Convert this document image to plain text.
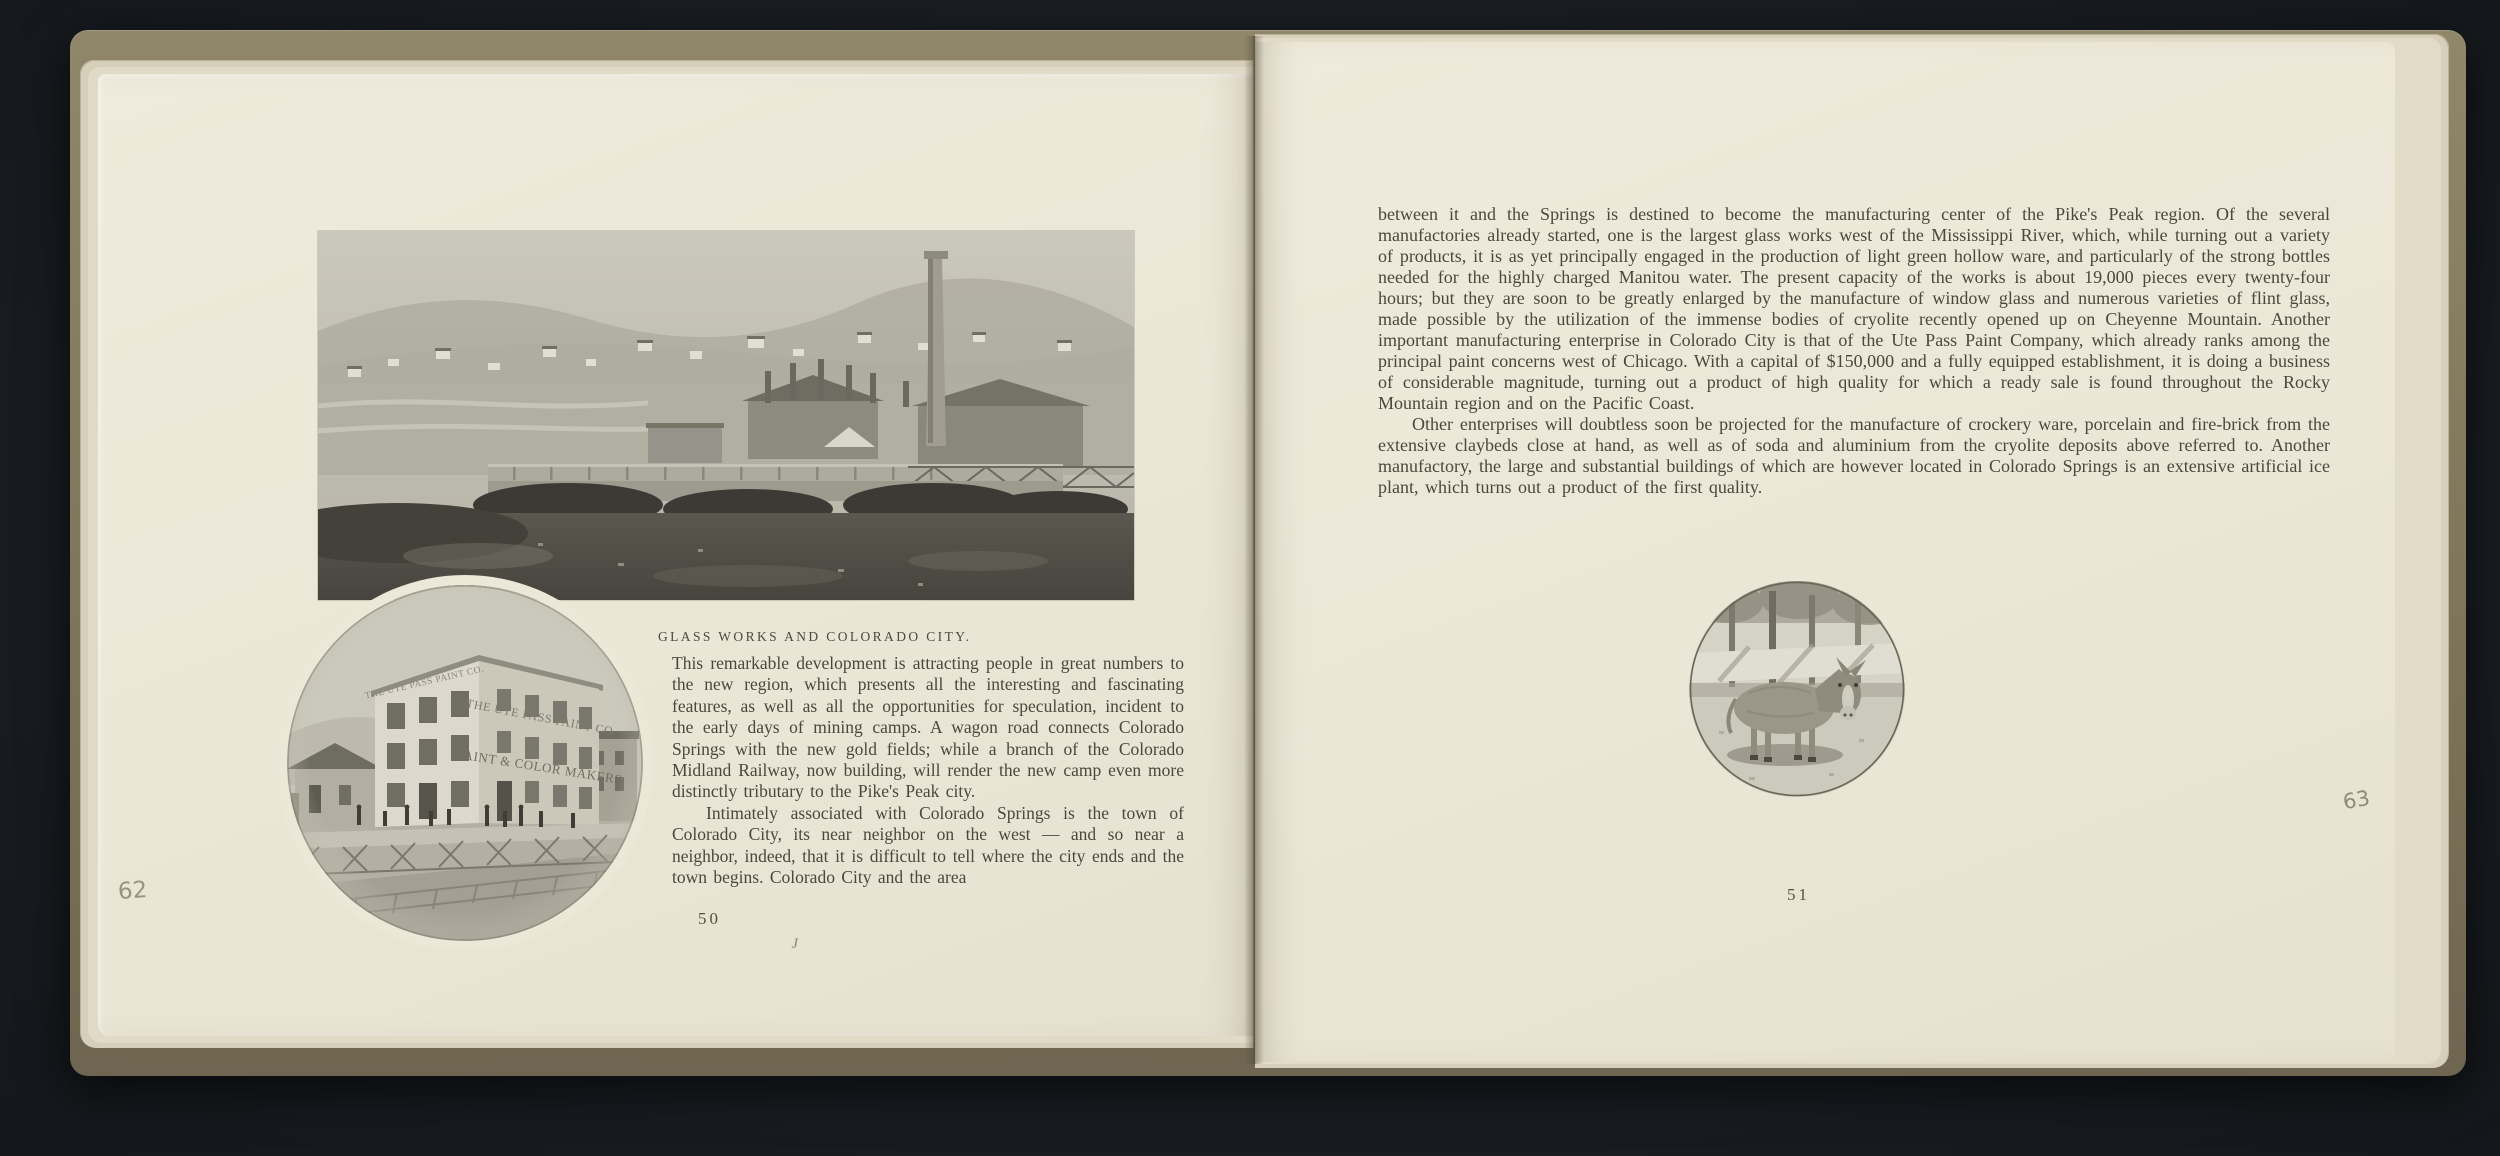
GLASS WORKS AND COLORADO CITY.

This remarkable development is attracting people in great numbers to the new region, which presents all the interesting and fascinating features, as well as all the opportunities for speculation, incident to the early days of mining camps. A wagon road connects Colorado Springs with the new gold fields; while a branch of the Colorado Midland Railway, now building, will render the new camp even more distinctly tributary to the Pike's Peak city.

Intimately associated with Colorado Springs is the town of Colorado City, its near neighbor on the west — and so near a neighbor, indeed, that it is difficult to tell where the city ends and the town begins. Colorado City and the area

50
62
J

between it and the Springs is destined to become the manufacturing center of the Pike's Peak region. Of the several manufactories already started, one is the largest glass works west of the Mississippi River, which, while turning out a variety of products, it is as yet principally engaged in the production of light green hollow ware, and particularly of the strong bottles needed for the highly charged Manitou water. The present capacity of the works is about 19,000 pieces every twenty-four hours; but they are soon to be greatly enlarged by the manufacture of window glass and numerous varieties of flint glass, made possible by the utilization of the immense bodies of cryolite recently opened up on Cheyenne Mountain. Another important manufacturing enterprise in Colorado City is that of the Ute Pass Paint Company, which already ranks among the principal paint concerns west of Chicago. With a capital of $150,000 and a fully equipped establishment, it is doing a business of considerable magnitude, turning out a product of high quality for which a ready sale is found throughout the Rocky Mountain region and on the Pacific Coast.

Other enterprises will doubtless soon be projected for the manufacture of crockery ware, porcelain and fire-brick from the extensive claybeds close at hand, as well as of soda and aluminium from the cryolite deposits above referred to. Another manufactory, the large and substantial buildings of which are however located in Colorado Springs is an extensive artificial ice plant, which turns out a product of the first quality.

51
63
